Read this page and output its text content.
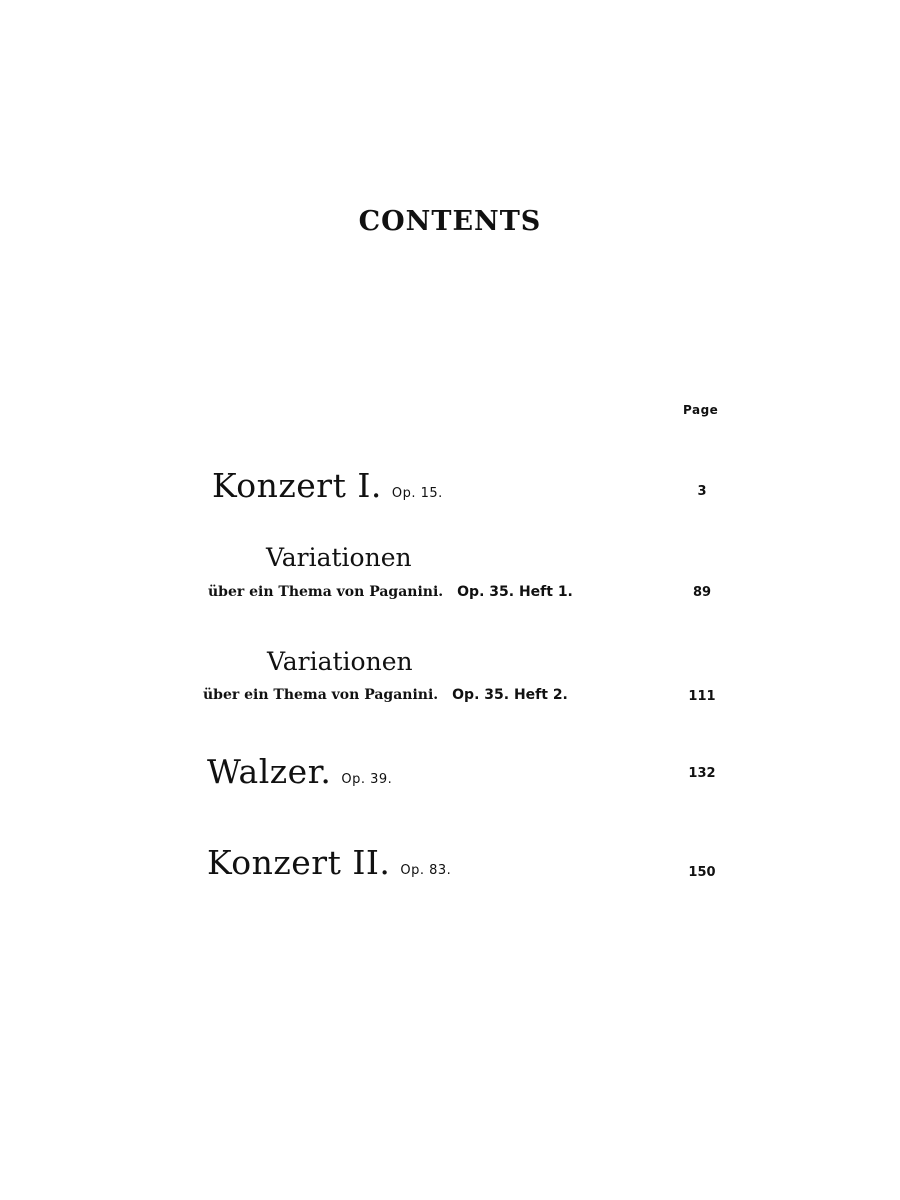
CONTENTS
Page
Konzert I. Op. 15.	3
Variationen
über ein Thema von Paganini. Op. 35. Heft 1.	89
Variationen
über ein Thema von Paganini. Op. 35. Heft 2.	111
Walzer. Op. 39.	132
Konzert II. Op. 83.	150
